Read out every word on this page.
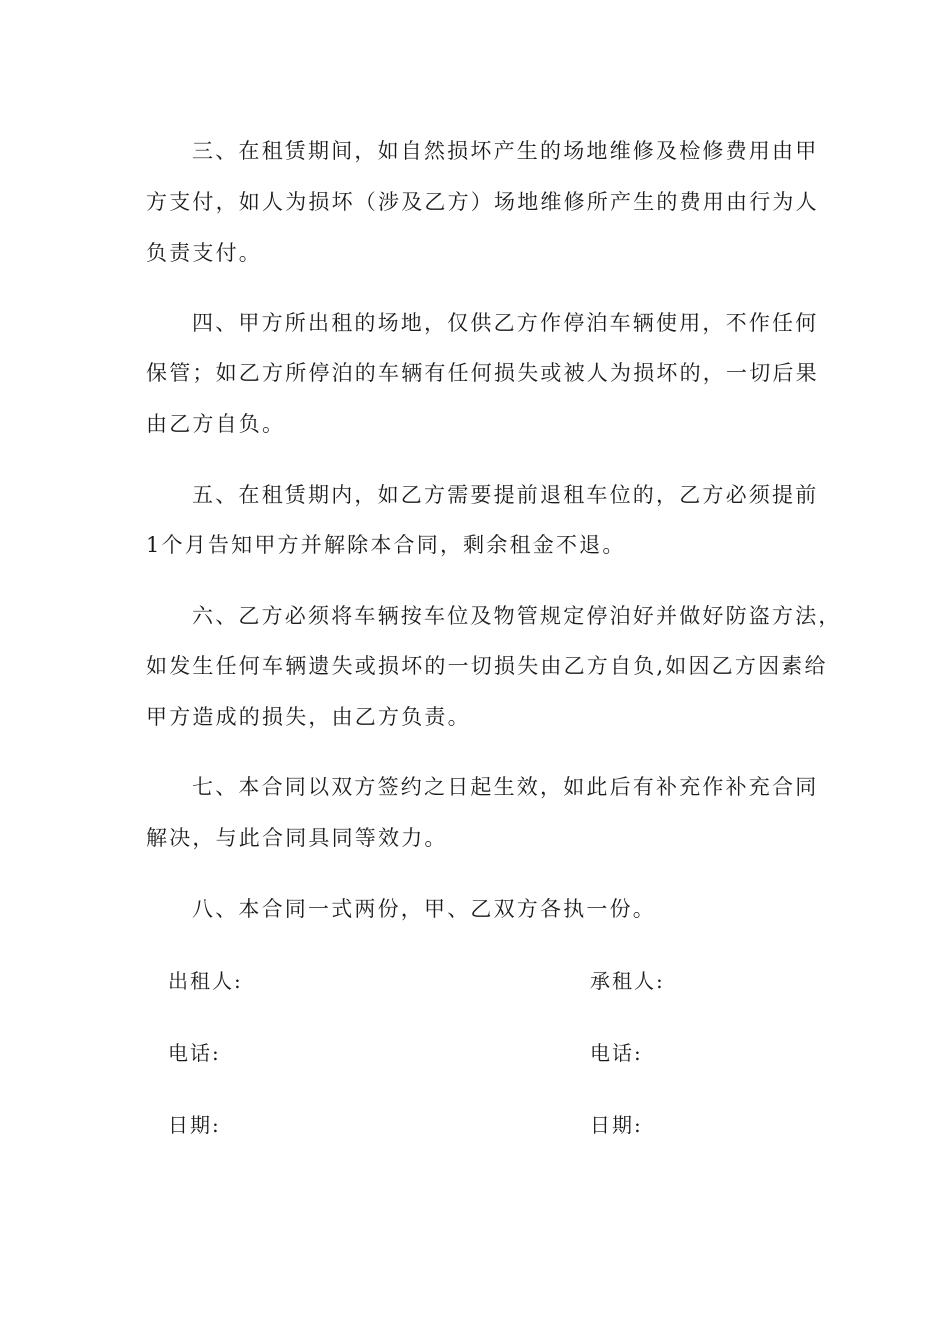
三、在租赁期间，如自然损坏产生的场地维修及检修费用由甲
方支付，如人为损坏（涉及乙方）场地维修所产生的费用由行为人
负责支付。
四、甲方所出租的场地，仅供乙方作停泊车辆使用，不作任何
保管；如乙方所停泊的车辆有任何损失或被人为损坏的，一切后果
由乙方自负。
五、在租赁期内，如乙方需要提前退租车位的，乙方必须提前
1个月告知甲方并解除本合同，剩余租金不退。
六、乙方必须将车辆按车位及物管规定停泊好并做好防盗方法，
如发生任何车辆遗失或损坏的一切损失由乙方自负,如因乙方因素给
甲方造成的损失，由乙方负责。
七、本合同以双方签约之日起生效，如此后有补充作补充合同
解决，与此合同具同等效力。
八、本合同一式两份，甲、乙双方各执一份。
出租人:	承租人:
电话:	电话:
日期:	日期:
